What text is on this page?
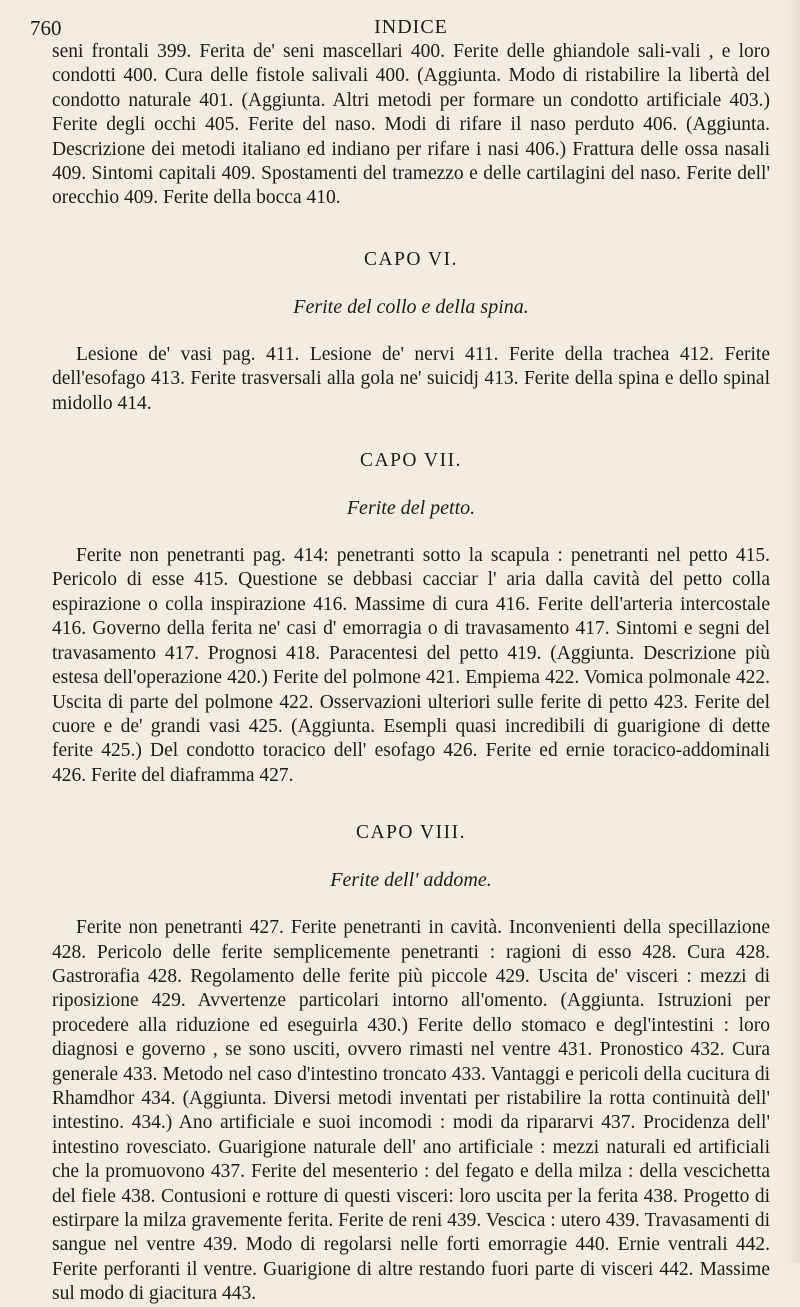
760	INDICE

seni frontali 399. Ferita de' seni mascellari 400. Ferite delle ghiandole sali-vali , e loro condotti 400. Cura delle fistole salivali 400. (Aggiunta. Modo di ristabilire la libertà del condotto naturale 401. (Aggiunta. Altri metodi per formare un condotto artificiale 403.) Ferite degli occhi 405. Ferite del naso. Modi di rifare il naso perduto 406. (Aggiunta. Descrizione dei metodi italiano ed indiano per rifare i nasi 406.) Frattura delle ossa nasali 409. Sintomi capitali 409. Spostamenti del tramezzo e delle cartilagini del naso. Ferite dell' orecchio 409. Ferite della bocca 410.

CAPO VI.
Ferite del collo e della spina.

Lesione de' vasi pag. 411. Lesione de' nervi 411. Ferite della trachea 412. Ferite dell'esofago 413. Ferite trasversali alla gola ne' suicidj 413. Ferite della spina e dello spinal midollo 414.

CAPO VII.
Ferite del petto.

Ferite non penetranti pag. 414: penetranti sotto la scapula : penetranti nel petto 415. Pericolo di esse 415. Questione se debbasi cacciar l' aria dalla cavità del petto colla espirazione o colla inspirazione 416. Massime di cura 416. Ferite dell'arteria intercostale 416. Governo della ferita ne' casi d' emorragia o di travasamento 417. Sintomi e segni del travasamento 417. Prognosi 418. Paracentesi del petto 419. (Aggiunta. Descrizione più estesa dell'operazione 420.) Ferite del polmone 421. Empiema 422. Vomica polmonale 422. Uscita di parte del polmone 422. Osservazioni ulteriori sulle ferite di petto 423. Ferite del cuore e de' grandi vasi 425. (Aggiunta. Esempli quasi incredibili di guarigione di dette ferite 425.) Del condotto toracico dell' esofago 426. Ferite ed ernie toracico-addominali 426. Ferite del diaframma 427.

CAPO VIII.
Ferite dell' addome.

Ferite non penetranti 427. Ferite penetranti in cavità. Inconvenienti della specillazione 428. Pericolo delle ferite semplicemente penetranti : ragioni di esso 428. Cura 428. Gastrorafia 428. Regolamento delle ferite più piccole 429. Uscita de' visceri : mezzi di riposizione 429. Avvertenze particolari intorno all'omento. (Aggiunta. Istruzioni per procedere alla riduzione ed eseguirla 430.) Ferite dello stomaco e degl'intestini : loro diagnosi e governo , se sono usciti, ovvero rimasti nel ventre 431. Pronostico 432. Cura generale 433. Metodo nel caso d'intestino troncato 433. Vantaggi e pericoli della cucitura di Rhamdhor 434. (Aggiunta. Diversi metodi inventati per ristabilire la rotta continuità dell' intestino. 434.) Ano artificiale e suoi incomodi : modi da ripararvi 437. Procidenza dell' intestino rovesciato. Guarigione naturale dell' ano artificiale : mezzi naturali ed artificiali che la promuovono 437. Ferite del mesenterio : del fegato e della milza : della vescichetta del fiele 438. Contusioni e rotture di questi visceri: loro uscita per la ferita 438. Progetto di estirpare la milza gravemente ferita. Ferite de reni 439. Vescica : utero 439. Travasamenti di sangue nel ventre 439. Modo di regolarsi nelle forti emorragie 440. Ernie ventrali 442. Ferite perforanti il ventre. Guarigione di altre restando fuori parte di visceri 442. Massime sul modo di giacitura 443.
